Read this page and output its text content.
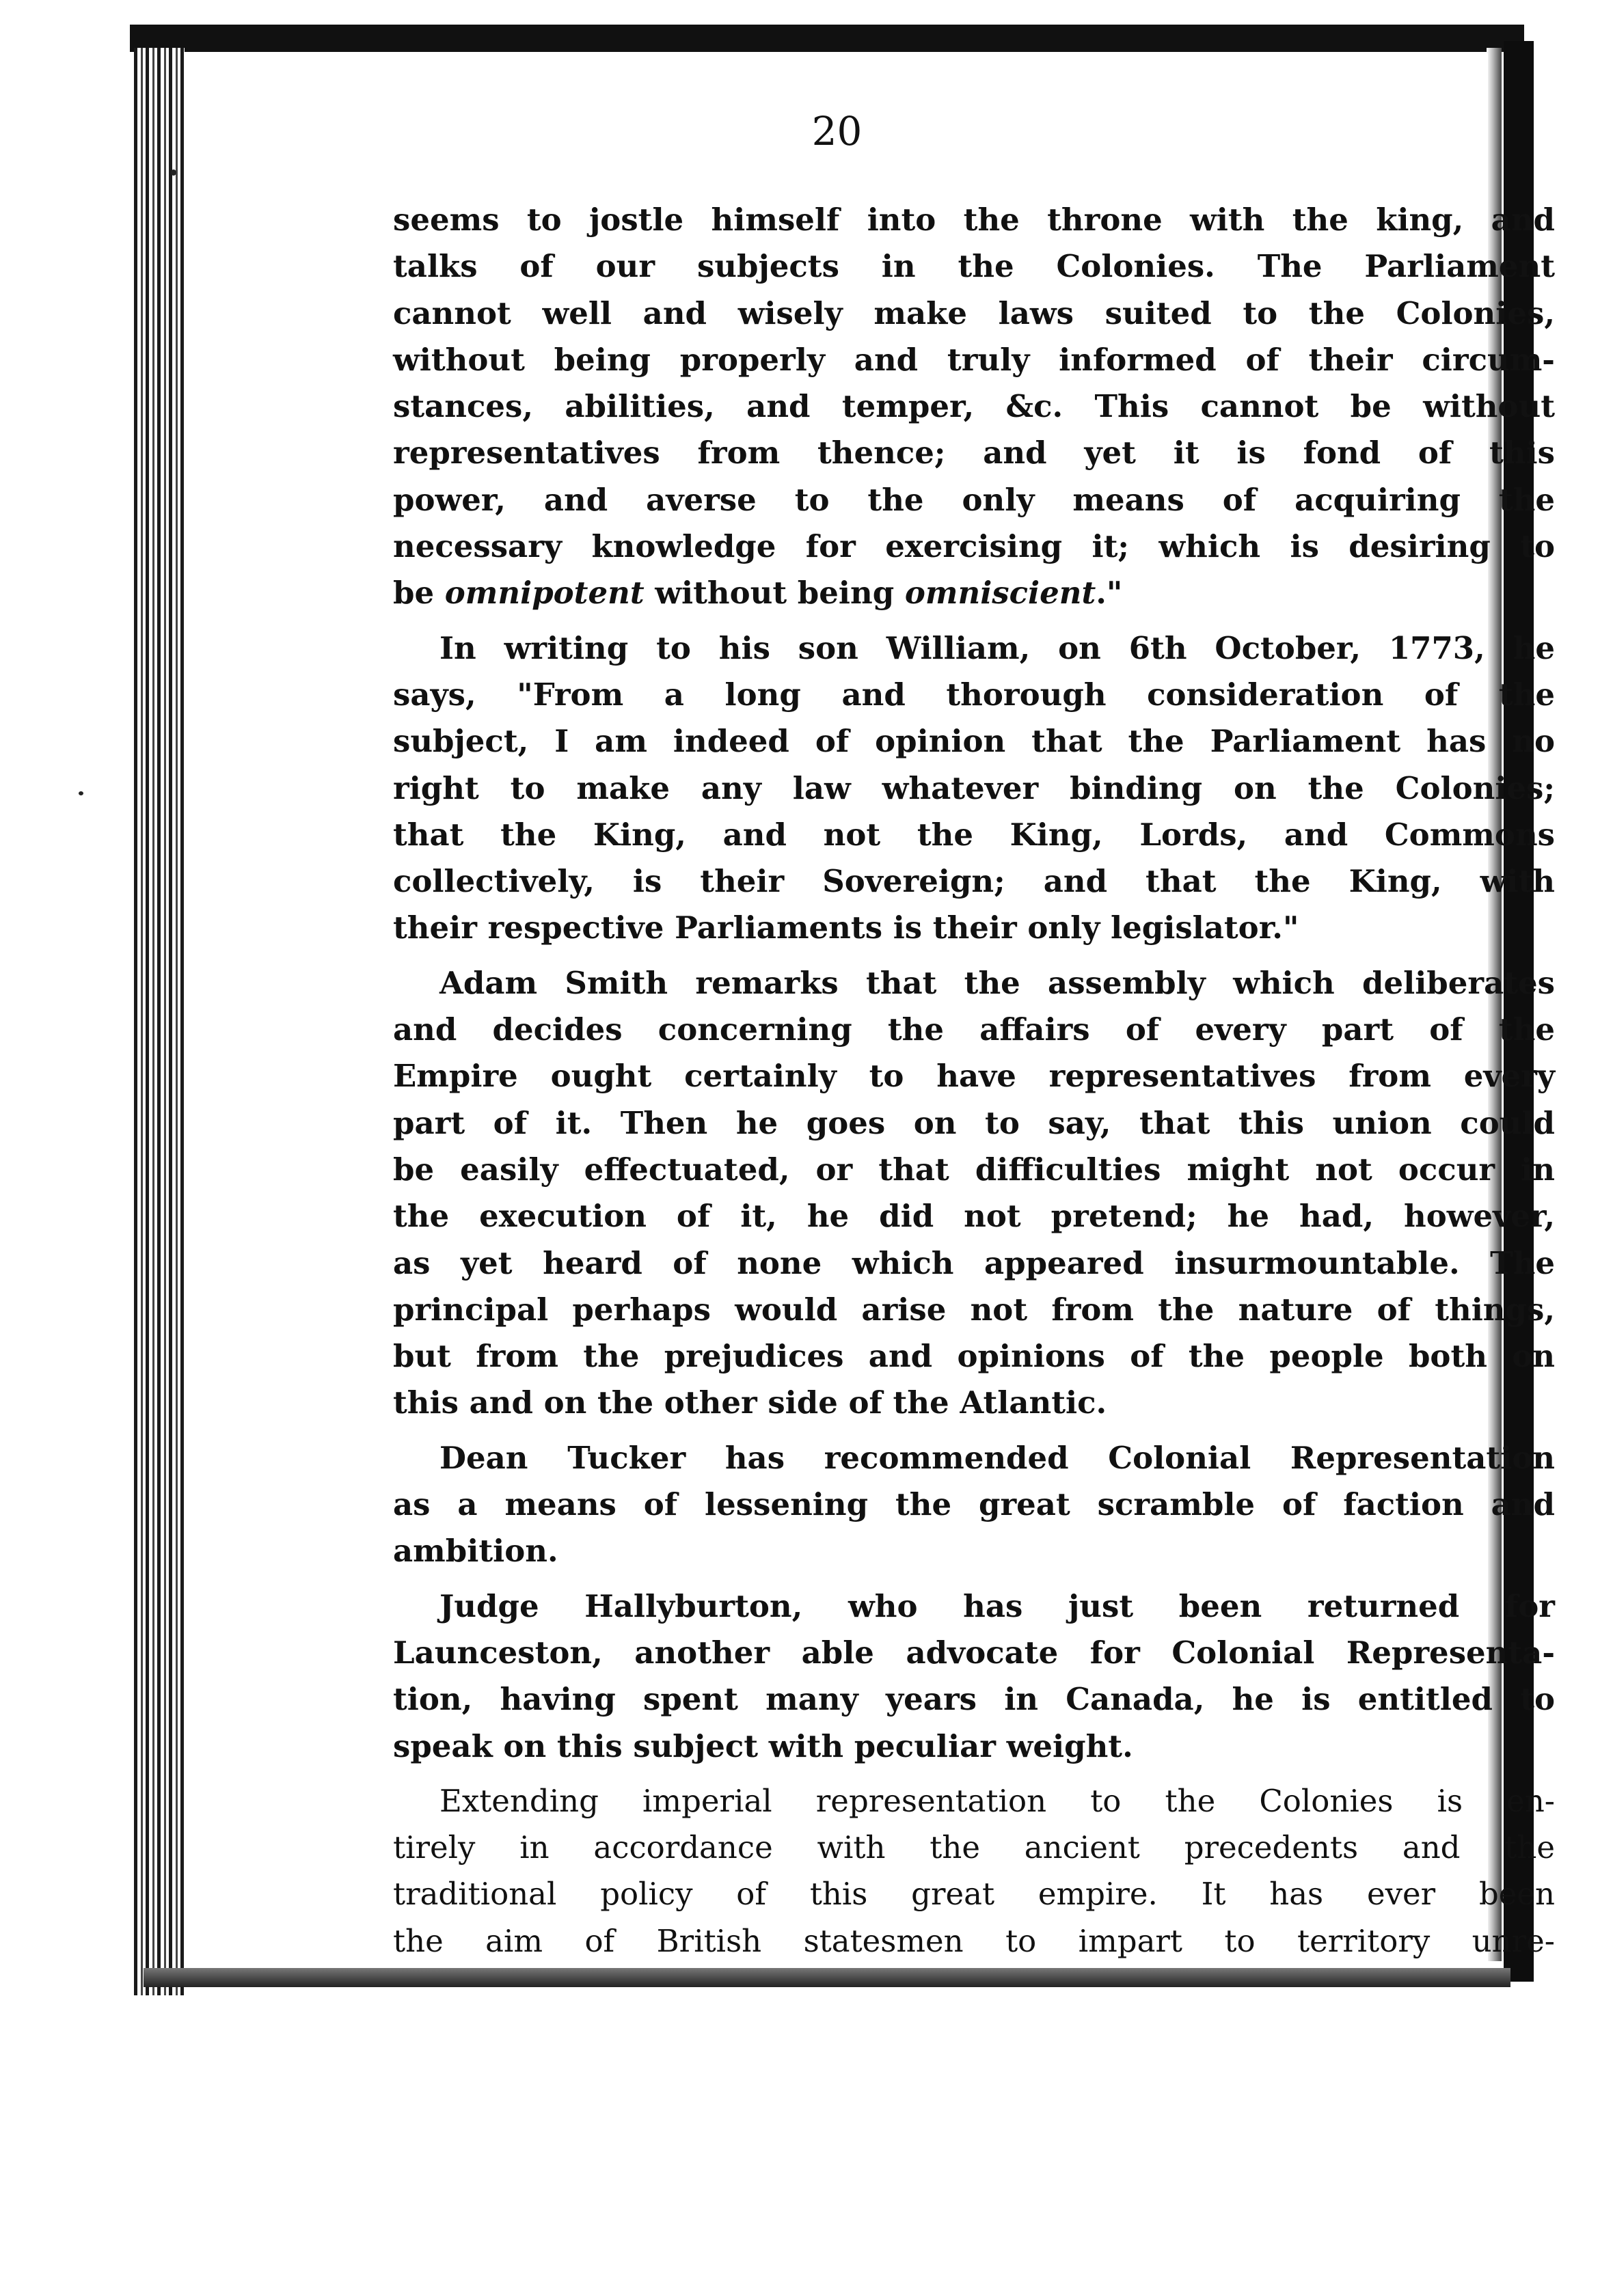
20
seems to jostle himself into the throne with the king, and
talks of our subjects in the Colonies. The Parliament
cannot well and wisely make laws suited to the Colonies,
without being properly and truly informed of their circum-
stances, abilities, and temper, &c. This cannot be without
representatives from thence; and yet it is fond of this
power, and averse to the only means of acquiring the
necessary knowledge for exercising it; which is desiring to
be omnipotent without being omniscient."
In writing to his son William, on 6th October, 1773, he
says, "From a long and thorough consideration of the
subject, I am indeed of opinion that the Parliament has no
right to make any law whatever binding on the Colonies;
that the King, and not the King, Lords, and Commons
collectively, is their Sovereign; and that the King, with
their respective Parliaments is their only legislator."
Adam Smith remarks that the assembly which deliberates
and decides concerning the affairs of every part of the
Empire ought certainly to have representatives from every
part of it. Then he goes on to say, that this union could
be easily effectuated, or that difficulties might not occur in
the execution of it, he did not pretend; he had, however,
as yet heard of none which appeared insurmountable. The
principal perhaps would arise not from the nature of things,
but from the prejudices and opinions of the people both on
this and on the other side of the Atlantic.
Dean Tucker has recommended Colonial Representation
as a means of lessening the great scramble of faction and
ambition.
Judge Hallyburton, who has just been returned for
Launceston, another able advocate for Colonial Representa-
tion, having spent many years in Canada, he is entitled to
speak on this subject with peculiar weight.
Extending imperial representation to the Colonies is en-
tirely in accordance with the ancient precedents and the
traditional policy of this great empire. It has ever been
the aim of British statesmen to impart to territory unre-
